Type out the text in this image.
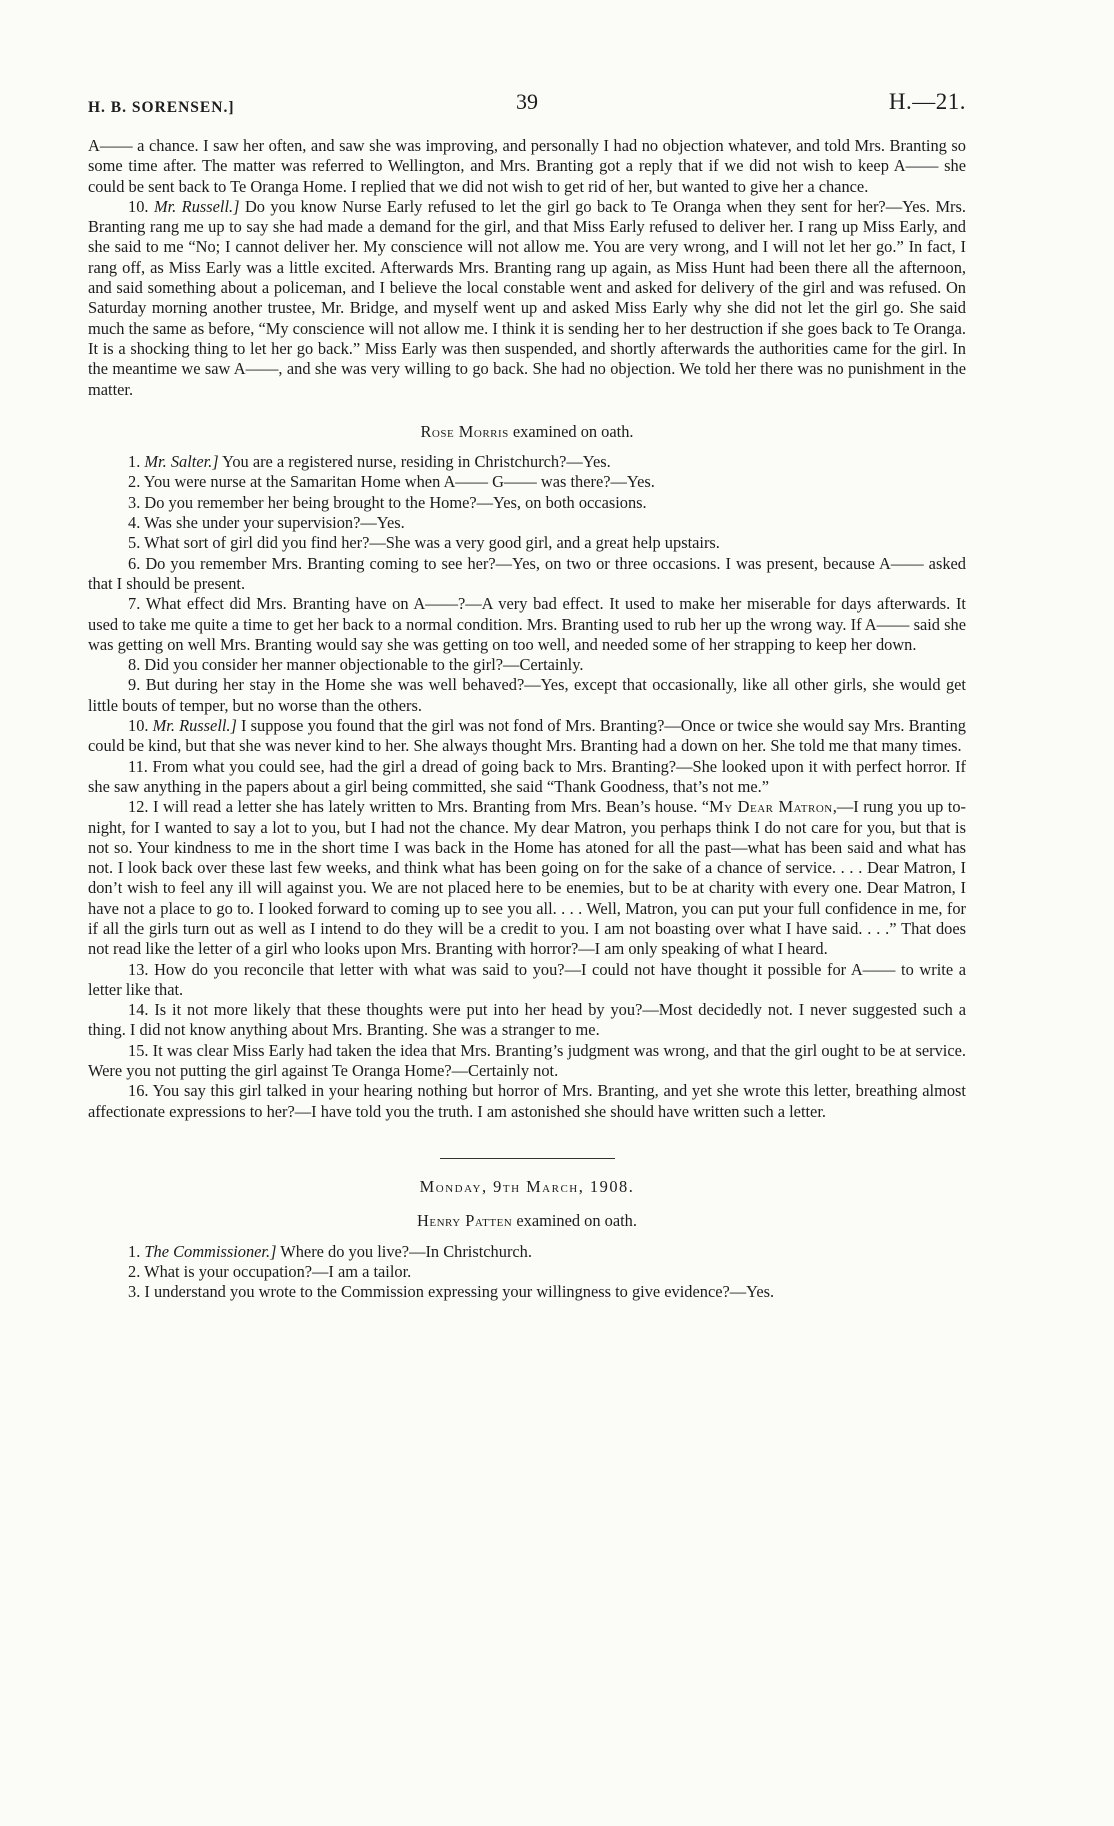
H. B. SORENSEN.]	39	H.—21.

A—— a chance. I saw her often, and saw she was improving, and personally I had no objection whatever, and told Mrs. Branting so some time after. The matter was referred to Wellington, and Mrs. Branting got a reply that if we did not wish to keep A—— she could be sent back to Te Oranga Home. I replied that we did not wish to get rid of her, but wanted to give her a chance.

10. Mr. Russell.] Do you know Nurse Early refused to let the girl go back to Te Oranga when they sent for her?—Yes. Mrs. Branting rang me up to say she had made a demand for the girl, and that Miss Early refused to deliver her. I rang up Miss Early, and she said to me “No; I cannot deliver her. My conscience will not allow me. You are very wrong, and I will not let her go.” In fact, I rang off, as Miss Early was a little excited. Afterwards Mrs. Branting rang up again, as Miss Hunt had been there all the afternoon, and said something about a policeman, and I believe the local constable went and asked for delivery of the girl and was refused. On Saturday morning another trustee, Mr. Bridge, and myself went up and asked Miss Early why she did not let the girl go. She said much the same as before, “My conscience will not allow me. I think it is sending her to her destruction if she goes back to Te Oranga. It is a shocking thing to let her go back.” Miss Early was then suspended, and shortly afterwards the authorities came for the girl. In the meantime we saw A——, and she was very willing to go back. She had no objection. We told her there was no punishment in the matter.

Rose Morris examined on oath.

1. Mr. Salter.] You are a registered nurse, residing in Christchurch?—Yes.

2. You were nurse at the Samaritan Home when A—— G—— was there?—Yes.

3. Do you remember her being brought to the Home?—Yes, on both occasions.

4. Was she under your supervision?—Yes.

5. What sort of girl did you find her?—She was a very good girl, and a great help upstairs.

6. Do you remember Mrs. Branting coming to see her?—Yes, on two or three occasions. I was present, because A—— asked that I should be present.

7. What effect did Mrs. Branting have on A——?—A very bad effect. It used to make her miserable for days afterwards. It used to take me quite a time to get her back to a normal condition. Mrs. Branting used to rub her up the wrong way. If A—— said she was getting on well Mrs. Branting would say she was getting on too well, and needed some of her strapping to keep her down.

8. Did you consider her manner objectionable to the girl?—Certainly.

9. But during her stay in the Home she was well behaved?—Yes, except that occasionally, like all other girls, she would get little bouts of temper, but no worse than the others.

10. Mr. Russell.] I suppose you found that the girl was not fond of Mrs. Branting?—Once or twice she would say Mrs. Branting could be kind, but that she was never kind to her. She always thought Mrs. Branting had a down on her. She told me that many times.

11. From what you could see, had the girl a dread of going back to Mrs. Branting?—She looked upon it with perfect horror. If she saw anything in the papers about a girl being committed, she said “Thank Goodness, that’s not me.”

12. I will read a letter she has lately written to Mrs. Branting from Mrs. Bean’s house. “My Dear Matron,—I rung you up to-night, for I wanted to say a lot to you, but I had not the chance. My dear Matron, you perhaps think I do not care for you, but that is not so. Your kindness to me in the short time I was back in the Home has atoned for all the past—what has been said and what has not. I look back over these last few weeks, and think what has been going on for the sake of a chance of service. . . . Dear Matron, I don’t wish to feel any ill will against you. We are not placed here to be enemies, but to be at charity with every one. Dear Matron, I have not a place to go to. I looked forward to coming up to see you all. . . . Well, Matron, you can put your full confidence in me, for if all the girls turn out as well as I intend to do they will be a credit to you. I am not boasting over what I have said. . . .” That does not read like the letter of a girl who looks upon Mrs. Branting with horror?—I am only speaking of what I heard.

13. How do you reconcile that letter with what was said to you?—I could not have thought it possible for A—— to write a letter like that.

14. Is it not more likely that these thoughts were put into her head by you?—Most decidedly not. I never suggested such a thing. I did not know anything about Mrs. Branting. She was a stranger to me.

15. It was clear Miss Early had taken the idea that Mrs. Branting’s judgment was wrong, and that the girl ought to be at service. Were you not putting the girl against Te Oranga Home?—Certainly not.

16. You say this girl talked in your hearing nothing but horror of Mrs. Branting, and yet she wrote this letter, breathing almost affectionate expressions to her?—I have told you the truth. I am astonished she should have written such a letter.

Monday, 9th March, 1908.

Henry Patten examined on oath.

1. The Commissioner.] Where do you live?—In Christchurch.

2. What is your occupation?—I am a tailor.

3. I understand you wrote to the Commission expressing your willingness to give evidence?—Yes.
